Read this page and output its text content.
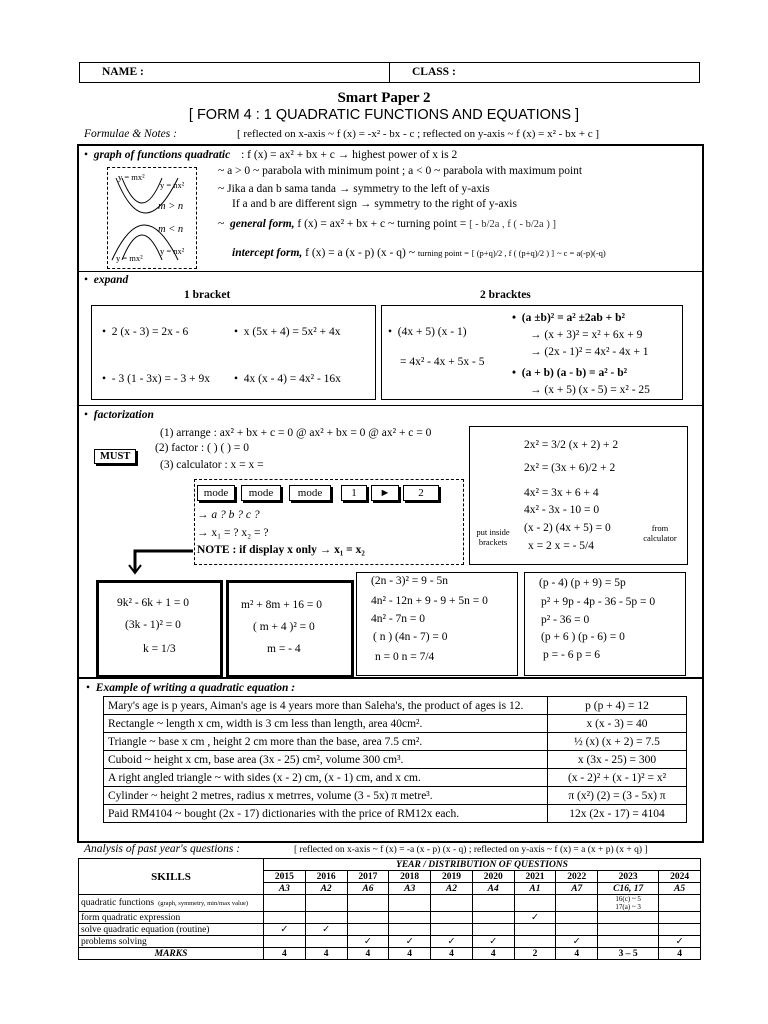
NAME :	CLASS :
Smart Paper 2
[ FORM 4 : 1 QUADRATIC FUNCTIONS AND EQUATIONS ]
Formulae & Notes :	[ reflected on x-axis ~ f (x) = -x² - bx - c ; reflected on y-axis ~ f (x) = x² - bx + c ]
•  graph of functions quadratic : f (x) = ax² + bx + c → highest power of x is 2
y = mx²
y = nx²
m > n
m < n
y = nx²
y = mx²
~ a > 0 ~ parabola with minimum point ; a < 0 ~ parabola with maximum point
~ Jika a dan b sama tanda → symmetry to the left of y-axis
If a and b are different sign → symmetry to the right of y-axis
~  general form, f (x) = ax² + bx + c ~ turning point = [ - b/2a , f ( - b/2a ) ]
intercept form, f (x) = a (x - p) (x - q) ~ turning point = [ (p+q)/2 , f ( (p+q)/2 ) ] ~ c = a(-p)(-q)
•  expand
1 bracket	2 bracktes
•  2 (x - 3) = 2x - 6	•  x (5x + 4) = 5x² + 4x
•  - 3 (1 - 3x) = - 3 + 9x •  4x (x - 4) = 4x² - 16x
•  (4x + 5) (x - 1)
= 4x² - 4x + 5x - 5
•  (a ±b)² = a² ±2ab + b²
→ (x + 3)² = x² + 6x + 9
→ (2x - 1)² = 4x² - 4x + 1
•  (a + b) (a - b) = a² - b²
→ (x + 5) (x - 5) = x² - 25
•  factorization
(1) arrange : ax² + bx + c = 0 @ ax² + bx = 0 @ ax² + c = 0
(2) factor : ( ) ( ) = 0
(3) calculator : x = x =
MUST
mode	mode	mode	1	►	2
→ a ? b ? c ?
→ x₁ = ? x₂ = ?
NOTE : if display x only → x₁ = x₂
2x² = 3/2 (x + 2) + 2
2x² = (3x + 6)/2 + 2
4x² = 3x + 6 + 4
4x² - 3x - 10 = 0
(x - 2) (4x + 5) = 0
x = 2 x = - 5/4
put inside brackets
from calculator
9k² - 6k + 1 = 0
(3k - 1)² = 0
k = 1/3
m² + 8m + 16 = 0
( m + 4 )² = 0
m = - 4
(2n - 3)² = 9 - 5n
4n² - 12n + 9 - 9 + 5n = 0
4n² - 7n = 0
( n ) (4n - 7) = 0
n = 0 n = 7/4
(p - 4) (p + 9) = 5p
p² + 9p - 4p - 36 - 5p = 0
p² - 36 = 0
(p + 6 ) (p - 6) = 0
p = - 6 p = 6
•  Example of writing a quadratic equation :
Mary's age is p years, Aiman's age is 4 years more than Saleha's, the product of ages is 12.	p (p + 4) = 12
Rectangle ~ length x cm, width is 3 cm less than length, area 40cm².	x (x - 3) = 40
Triangle ~ base x cm , height 2 cm more than the base, area 7.5 cm².	½ (x) (x + 2) = 7.5
Cuboid ~ height x cm, base area (3x - 25) cm², volume 300 cm³.	x (3x - 25) = 300
A right angled triangle ~ with sides (x - 2) cm, (x - 1) cm, and x cm.	(x - 2)² + (x - 1)² = x²
Cylinder ~ height 2 metres, radius x metrres, volume (3 - 5x) π metre³.	π (x²) (2) = (3 - 5x) π
Paid RM4104 ~ bought (2x - 17) dictionaries with the price of RM12x each.	12x (2x - 17) = 4104
Analysis of past year's questions :	[ reflected on x-axis ~ f (x) = -a (x - p) (x - q) ; reflected on y-axis ~ f (x) = a (x + p) (x + q) ]
SKILLS	YEAR / DISTRIBUTION OF QUESTIONS									
	2015	2016	2017	2018	2019	2020	2021	2022	2023	2024
	A3	A2	A6	A3	A2	A4	A1	A7	C16, 17	A5
quadratic functions (graph, symmetry, min/max value)									16(c) ~ 5
17(a) ~ 3	
form quadratic expression							✓			
solve quadratic equation (routine)	✓	✓								
problems solving			✓	✓	✓	✓		✓		✓
MARKS	4	4	4	4	4	4	2	4	3 – 5	4
